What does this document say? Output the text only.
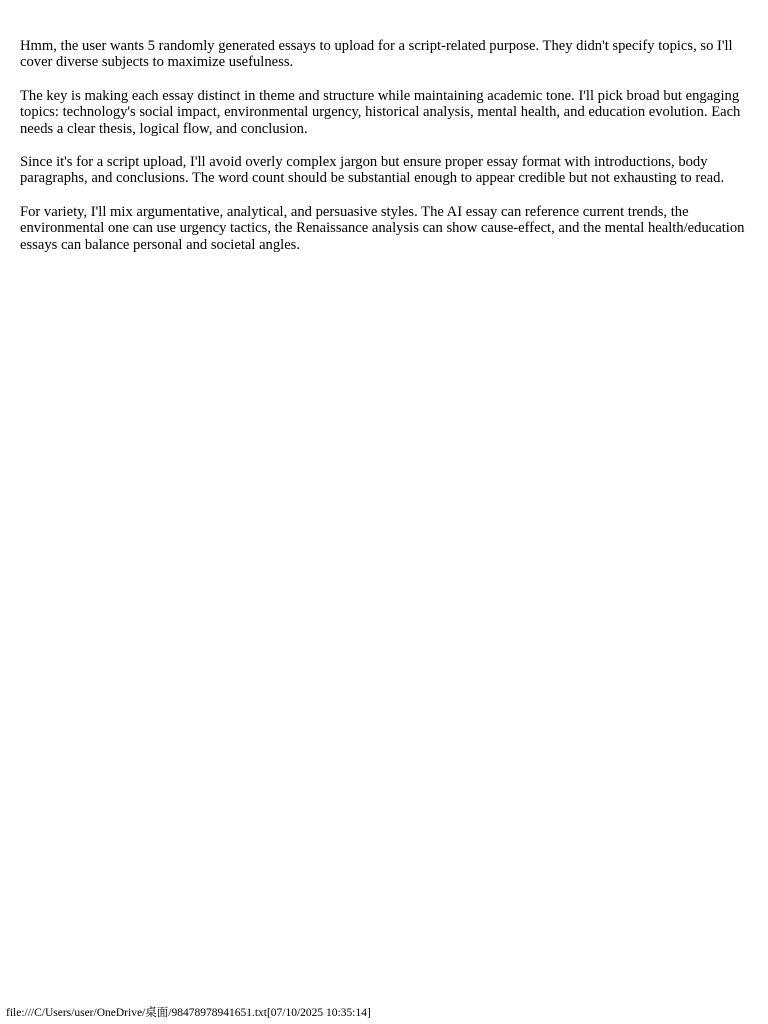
Hmm, the user wants 5 randomly generated essays to upload for a script-related purpose. They didn't specify topics, so I'll cover diverse subjects to maximize usefulness.

The key is making each essay distinct in theme and structure while maintaining academic tone. I'll pick broad but engaging topics: technology's social impact, environmental urgency, historical analysis, mental health, and education evolution. Each needs a clear thesis, logical flow, and conclusion.

Since it's for a script upload, I'll avoid overly complex jargon but ensure proper essay format with introductions, body paragraphs, and conclusions. The word count should be substantial enough to appear credible but not exhausting to read.

For variety, I'll mix argumentative, analytical, and persuasive styles. The AI essay can reference current trends, the environmental one can use urgency tactics, the Renaissance analysis can show cause-effect, and the mental health/education essays can balance personal and societal angles.

file:///C/Users/user/OneDrive/桌面/98478978941651.txt[07/10/2025 10:35:14]
